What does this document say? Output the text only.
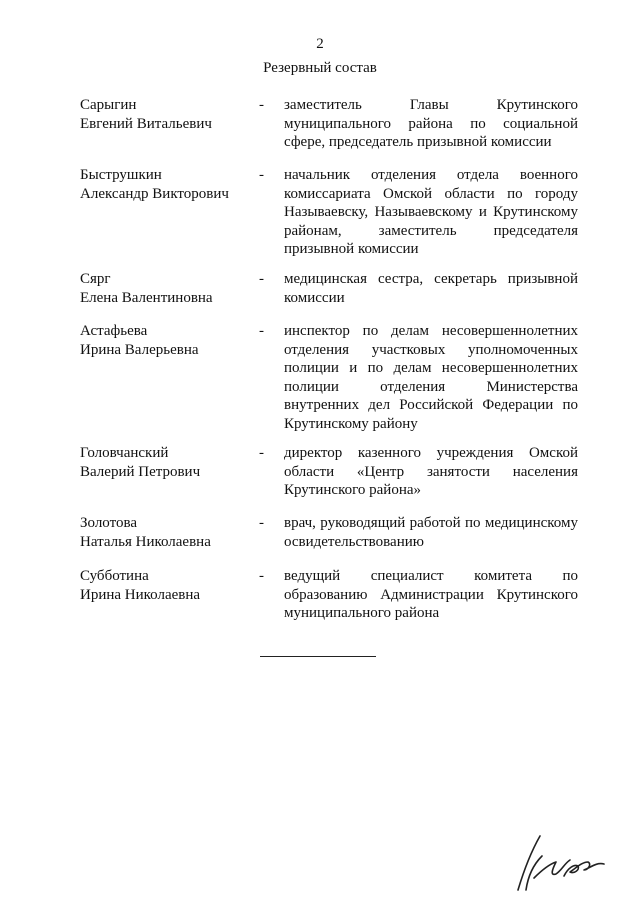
2
Резервный состав
Сарыгин
Евгений Витальевич
- заместитель Главы Крутинского муниципального района по социальной сфере, председатель призывной комиссии
Быструшкин
Александр Викторович
- начальник отделения отдела военного комиссариата Омской области по городу Называевску, Называевскому и Крутинскому районам, заместитель председателя призывной комиссии
Сярг
Елена Валентиновна
- медицинская сестра, секретарь призывной комиссии
Астафьева
Ирина Валерьевна
- инспектор по делам несовершеннолетних отделения участковых уполномоченных полиции и по делам несовершеннолетних полиции отделения Министерства внутренних дел Российской Федерации по Крутинскому району
Головчанский
Валерий Петрович
- директор казенного учреждения Омской области «Центр занятости населения Крутинского района»
Золотова
Наталья Николаевна
- врач, руководящий работой по медицинскому освидетельствованию
Субботина
Ирина Николаевна
- ведущий специалист комитета по образованию Администрации Крутинского муниципального района
